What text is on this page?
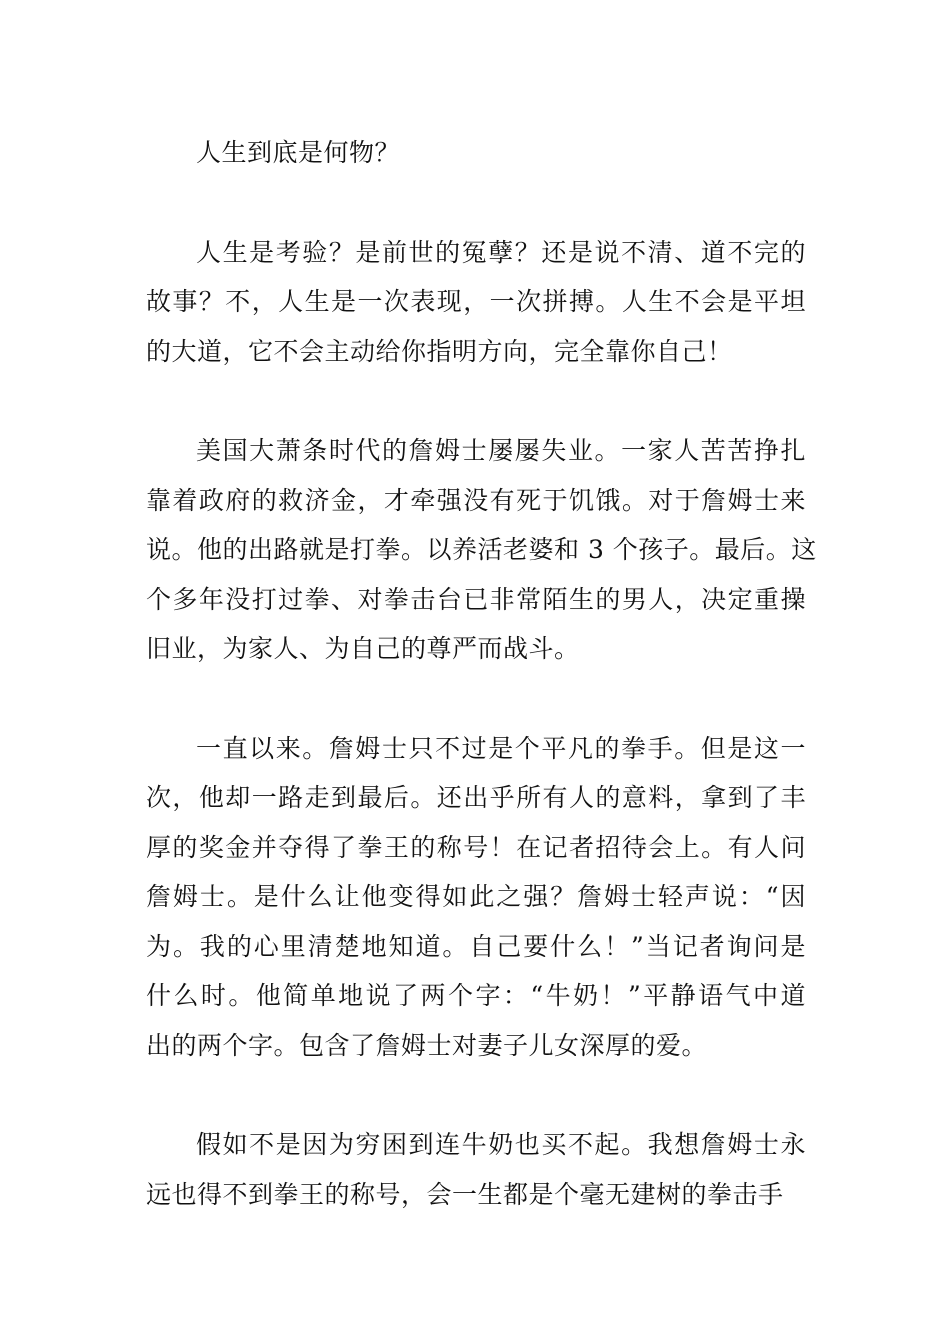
人生到底是何物？

人生是考验？是前世的冤孽？还是说不清、道不完的
故事？不，人生是一次表现，一次拼搏。人生不会是平坦
的大道，它不会主动给你指明方向，完全靠你自己！

美国大萧条时代的詹姆士屡屡失业。一家人苦苦挣扎
靠着政府的救济金，才牵强没有死于饥饿。对于詹姆士来
说。他的出路就是打拳。以养活老婆和 3 个孩子。最后。这
个多年没打过拳、对拳击台已非常陌生的男人，决定重操
旧业，为家人、为自己的尊严而战斗。

一直以来。詹姆士只不过是个平凡的拳手。但是这一
次，他却一路走到最后。还出乎所有人的意料，拿到了丰
厚的奖金并夺得了拳王的称号！在记者招待会上。有人问
詹姆士。是什么让他变得如此之强？詹姆士轻声说：“因
为。我的心里清楚地知道。自己要什么！”当记者询问是
什么时。他简单地说了两个字：“牛奶！”平静语气中道
出的两个字。包含了詹姆士对妻子儿女深厚的爱。

假如不是因为穷困到连牛奶也买不起。我想詹姆士永
远也得不到拳王的称号，会一生都是个毫无建树的拳击手
